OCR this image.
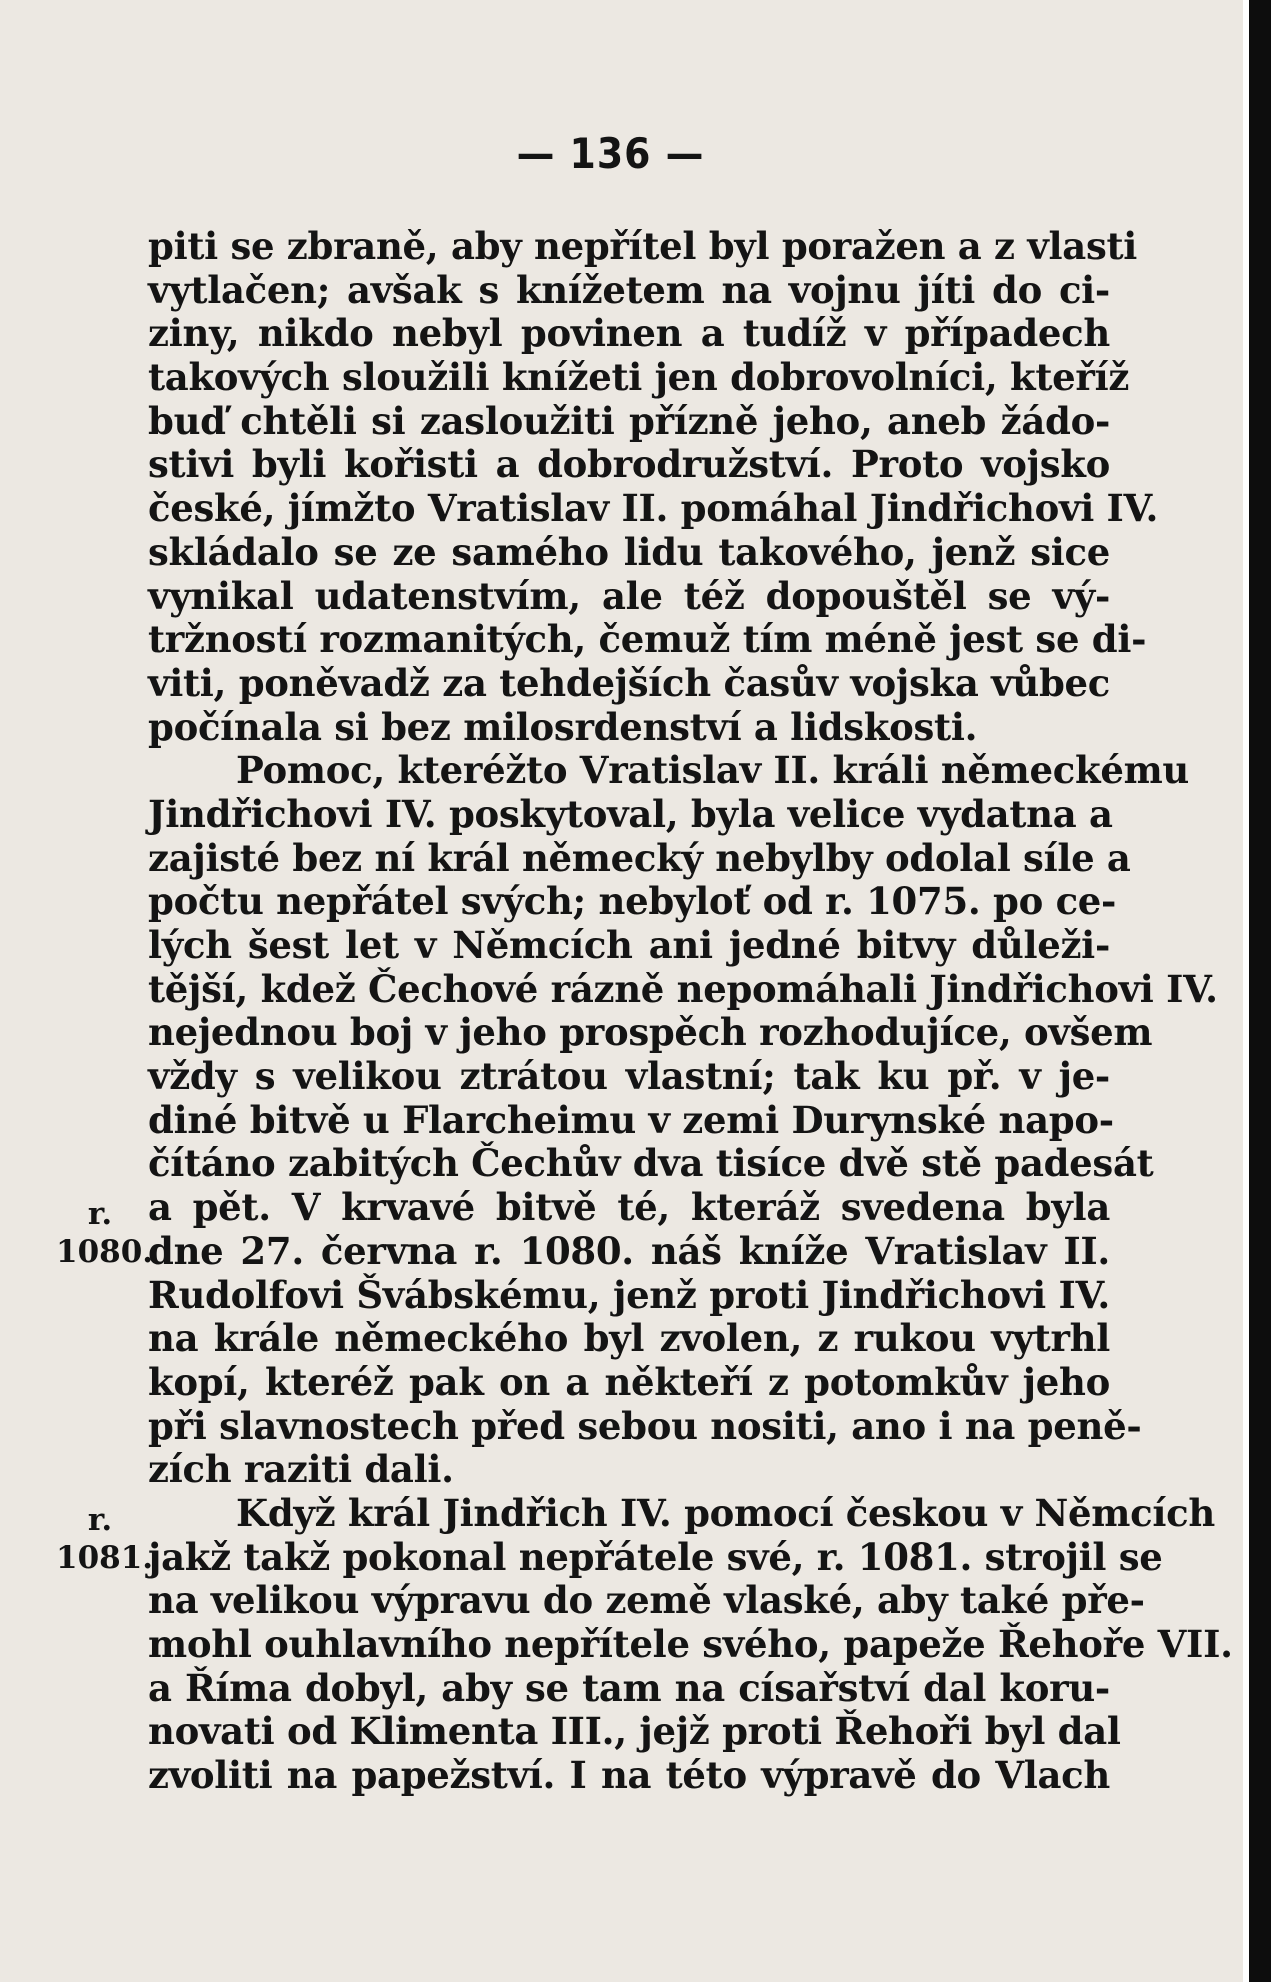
— 136 —
piti se zbraně, aby nepřítel byl poražen a z vlasti
vytlačen; avšak s knížetem na vojnu jíti do ci-
ziny, nikdo nebyl povinen a tudíž v případech
takových sloužili knížeti jen dobrovolníci, kteříž
buď chtěli si zasloužiti přízně jeho, aneb žádo-
stivi byli kořisti a dobrodružství. Proto vojsko
české, jímžto Vratislav II. pomáhal Jindřichovi IV.
skládalo se ze samého lidu takového, jenž sice
vynikal udatenstvím, ale též dopouštěl se vý-
tržností rozmanitých, čemuž tím méně jest se di-
viti, poněvadž za tehdejších časův vojska vůbec
počínala si bez milosrdenství a lidskosti.
Pomoc, kteréžto Vratislav II. králi německému
Jindřichovi IV. poskytoval, byla velice vydatna a
zajisté bez ní král německý nebylby odolal síle a
počtu nepřátel svých; nebyloť od r. 1075. po ce-
lých šest let v Němcích ani jedné bitvy důleži-
tější, kdež Čechové rázně nepomáhali Jindřichovi IV.
nejednou boj v jeho prospěch rozhodujíce, ovšem
vždy s velikou ztrátou vlastní; tak ku př. v je-
diné bitvě u Flarcheimu v zemi Durynské napo-
čítáno zabitých Čechův dva tisíce dvě stě padesát
a pět. V krvavé bitvě té, kteráž svedena byla
dne 27. června r. 1080. náš kníže Vratislav II.
Rudolfovi Švábskému, jenž proti Jindřichovi IV.
na krále německého byl zvolen, z rukou vytrhl
kopí, kteréž pak on a někteří z potomkův jeho
při slavnostech před sebou nositi, ano i na peně-
zích raziti dali.
Když král Jindřich IV. pomocí českou v Němcích
jakž takž pokonal nepřátele své, r. 1081. strojil se
na velikou výpravu do země vlaské, aby také pře-
mohl ouhlavního nepřítele svého, papeže Řehoře VII.
a Říma dobyl, aby se tam na císařství dal koru-
novati od Klimenta III., jejž proti Řehoři byl dal
zvoliti na papežství. I na této výpravě do Vlach
r.
1080.
r.
1081.
